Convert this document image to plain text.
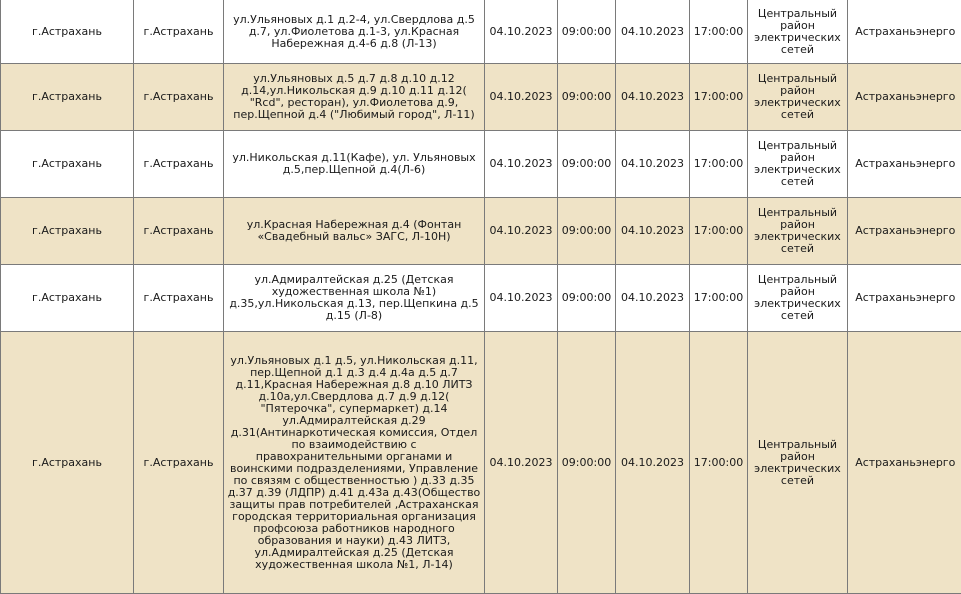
г.Астрахань	г.Астрахань	ул.Ульяновых д.1 д.2-4, ул.Свердлова д.5 д.7, ул.Фиолетова д.1-3, ул.Красная Набережная д.4-6 д.8 (Л-13)	04.10.2023	09:00:00	04.10.2023	17:00:00	Центральный район электрических сетей	Астраханьэнерго
г.Астрахань	г.Астрахань	ул.Ульяновых д.5 д.7 д.8 д.10 д.12 д.14,ул.Никольская д.9 д.10 д.11 д.12( "Rcd", ресторан), ул.Фиолетова д.9, пер.Щепной д.4 ("Любимый город", Л-11)	04.10.2023	09:00:00	04.10.2023	17:00:00	Центральный район электрических сетей	Астраханьэнерго
г.Астрахань	г.Астрахань	ул.Никольская д.11(Кафе), ул. Ульяновых д.5,пер.Щепной д.4(Л-6)	04.10.2023	09:00:00	04.10.2023	17:00:00	Центральный район электрических сетей	Астраханьэнерго
г.Астрахань	г.Астрахань	ул.Красная Набережная д.4 (Фонтан «Свадебный вальс» ЗАГС, Л-10Н)	04.10.2023	09:00:00	04.10.2023	17:00:00	Центральный район электрических сетей	Астраханьэнерго
г.Астрахань	г.Астрахань	ул.Адмиралтейская д.25 (Детская художественная школа №1) д.35,ул.Никольская д.13, пер.Щепкина д.5 д.15 (Л-8)	04.10.2023	09:00:00	04.10.2023	17:00:00	Центральный район электрических сетей	Астраханьэнерго
г.Астрахань	г.Астрахань	ул.Ульяновых д.1 д.5, ул.Никольская д.11, пер.Щепной д.1 д.3 д.4 д.4а д.5 д.7 д.11,Красная Набережная д.8 д.10 ЛИТЗ д.10а,ул.Свердлова д.7 д.9 д.12( "Пятерочка", супермаркет) д.14 ул.Адмиралтейская д.29 д.31(Антинаркотическая комиссия, Отдел по взаимодействию с правохранительными органами и воинскими подразделениями, Управление по связям с общественностью ) д.33 д.35 д.37 д.39 (ЛДПР) д.41 д.43а д.43(Общество защиты прав потребителей ,Астраханская городская территориальная организация профсоюза работников народного образования и науки) д.43 ЛИТЗ, ул.Адмиралтейская д.25 (Детская художественная школа №1, Л-14)	04.10.2023	09:00:00	04.10.2023	17:00:00	Центральный район электрических сетей	Астраханьэнерго
